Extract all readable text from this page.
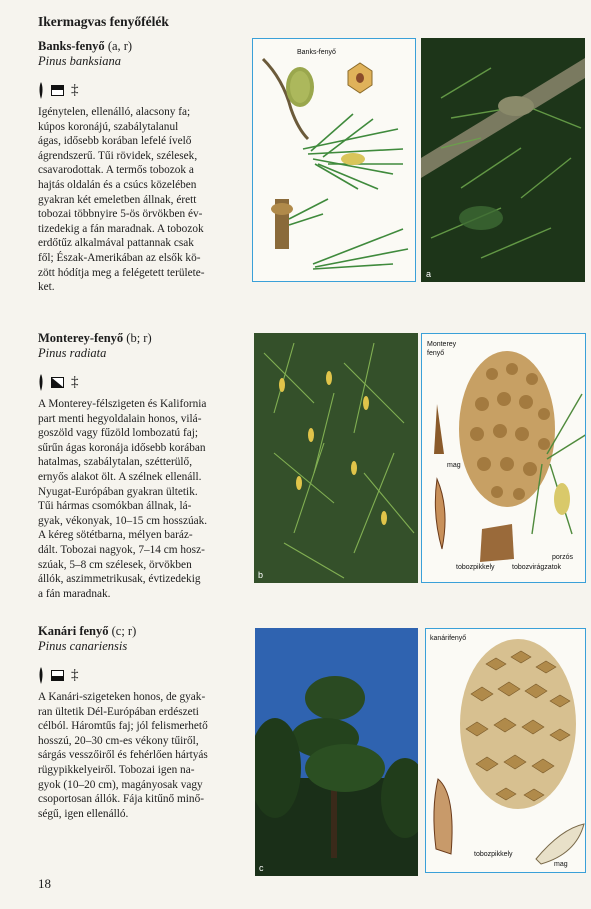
Ikermagvas fenyőfélék
Banks-fenyő (a, r)
Pinus banksiana
‡

Igénytelen, ellenálló, alacsony fa;
kúpos koronájú, szabálytalanul
ágas, idősebb korában lefelé ívelő
ágrendszerű. Tűi rövidek, szélesek,
csavarodottak. A termős tobozok a
hajtás oldalán és a csúcs közelében
gyakran két emeletben állnak, érett
tobozai többnyire 5-ös örvökben év-
tizedekig a fán maradnak. A tobozok
erdőtűz alkalmával pattannak csak
fől; Észak-Amerikában az elsők kö-
zött hódítja meg a felégetett területe-
ket.

Banks-fenyő
a
Monterey-fenyő (b; r)
Pinus radiata
‡

A Monterey-félszigeten és Kalifornia
part menti hegyoldalain honos, vilá-
goszöld vagy fűzöld lombozatú faj;
sűrűn ágas koronája idősebb korában
hatalmas, szabálytalan, szétterülő,
ernyős alakot ölt. A szélnek ellenáll.
Nyugat-Európában gyakran ültetik.
Tűi hármas csomókban állnak, lá-
gyak, vékonyak, 10–15 cm hosszúak.
A kéreg sötétbarna, mélyen baráz-
dált. Tobozai nagyok, 7–14 cm hosz-
szúak, 5–8 cm szélesek, örvökben
állók, aszimmetrikusak, évtizedekig
a fán maradnak.

b
Monterey
fenyő
mag
tobozpikkely
porzós
tobozvirágzatok
Kanári fenyő (c; r)
Pinus canariensis
‡

A Kanári-szigeteken honos, de gyak-
ran ültetik Dél-Európában erdészeti
célból. Háromtűs faj; jól felismerhető
hosszú, 20–30 cm-es vékony tűiről,
sárgás vesszőiről és fehérlően hártyás
rügypikkelyeiről. Tobozai igen na-
gyok (10–20 cm), magányosak vagy
csoportosan állók. Fája kitűnő minő-
ségű, igen ellenálló.

c
kanárifenyő
tobozpikkely
mag
18
